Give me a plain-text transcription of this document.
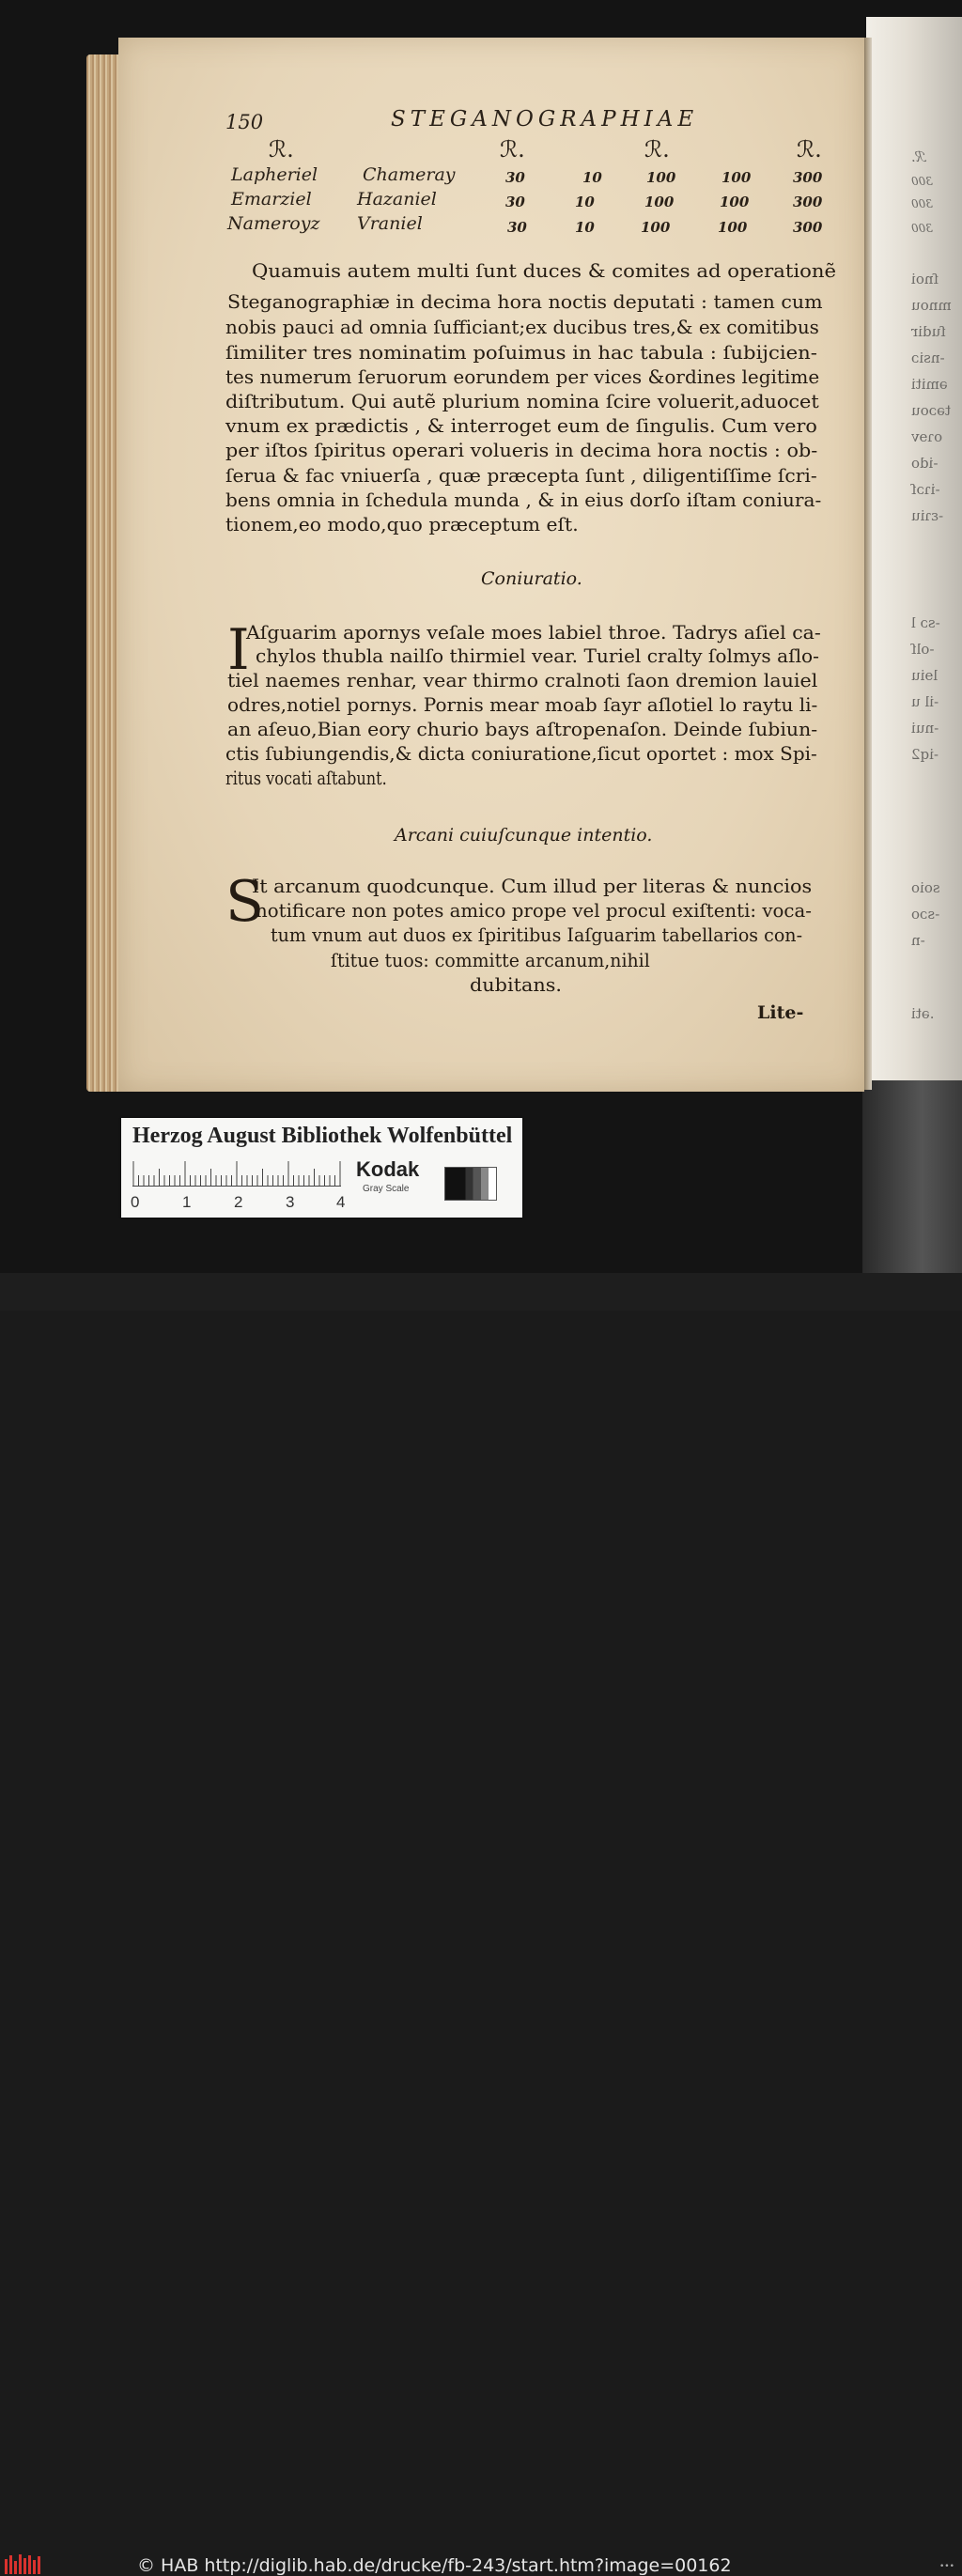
ℛ.
300
300
300
ſnoi
mnou
ſudir
-nsiɔ
əmiti
təɔou
oɿɘv
-ido
-iɿɔſ
-ɛɿiu
-sɔ l
-olſ
lɘiu
-il u
-nui
-iq2
soio
-sɔo
-n
.əti
150	STEGANOGRAPHIAE
ℛ.	ℛ.	ℛ.	ℛ.
Lapheriel	Chameray	30	10	100	100	300
Emarziel	Hazaniel	30	10	100	100	300
Nameroyz Vraniel	30	10	100	100	300
Quamuis autem multi ſunt duces & comites ad operationẽ
Steganographiæ in decima hora noctis deputati : tamen cum
nobis pauci ad omnia ſufficiant;ex ducibus tres,& ex comitibus
ſimiliter tres nominatim poſuimus in hac tabula : ſubijcien-
tes numerum ſeruorum eorundem per vices &ordines legitime
diſtributum. Qui autẽ plurium nomina ſcire voluerit,aduocet
vnum ex prædictis , & interroget eum de ſingulis. Cum vero
per iſtos ſpiritus operari volueris in decima hora noctis : ob-
ſerua & fac vniuerſa , quæ præcepta ſunt , diligentiſſime ſcri-
bens omnia in ſchedula munda , & in eius dorſo iſtam coniura-
tionem,eo modo,quo præceptum eſt.
Coniuratio.
I
Aſguarim apornys veſale moes labiel throe. Tadrys aſiel ca-
chylos thubla nailſo thirmiel vear. Turiel cralty ſolmys aſlo-
tiel naemes renhar, vear thirmo cralnoti ſaon dremion lauiel
odres,notiel pornys. Pornis mear moab ſayr aſlotiel lo raytu li-
an aſeuo,Bian eory churio bays aſtropenaſon. Deinde ſubiun-
ctis ſubiungendis,& dicta coniuratione,ſicut oportet : mox Spi-
ritus vocati aſtabunt.
Arcani cuiuſcunque intentio.
S
It arcanum quodcunque. Cum illud per literas & nuncios
notificare non potes amico prope vel procul exiſtenti: voca-
tum vnum aut duos ex ſpiritibus Iaſguarim tabellarios con-
ſtitue tuos: committe arcanum,nihil
dubitans.
Lite-
Herzog August Bibliothek Wolfenbüttel
0	1	2	3	4
Kodak
Gray Scale
© HAB http://diglib.hab.de/drucke/fb-243/start.htm?image=00162	•••
